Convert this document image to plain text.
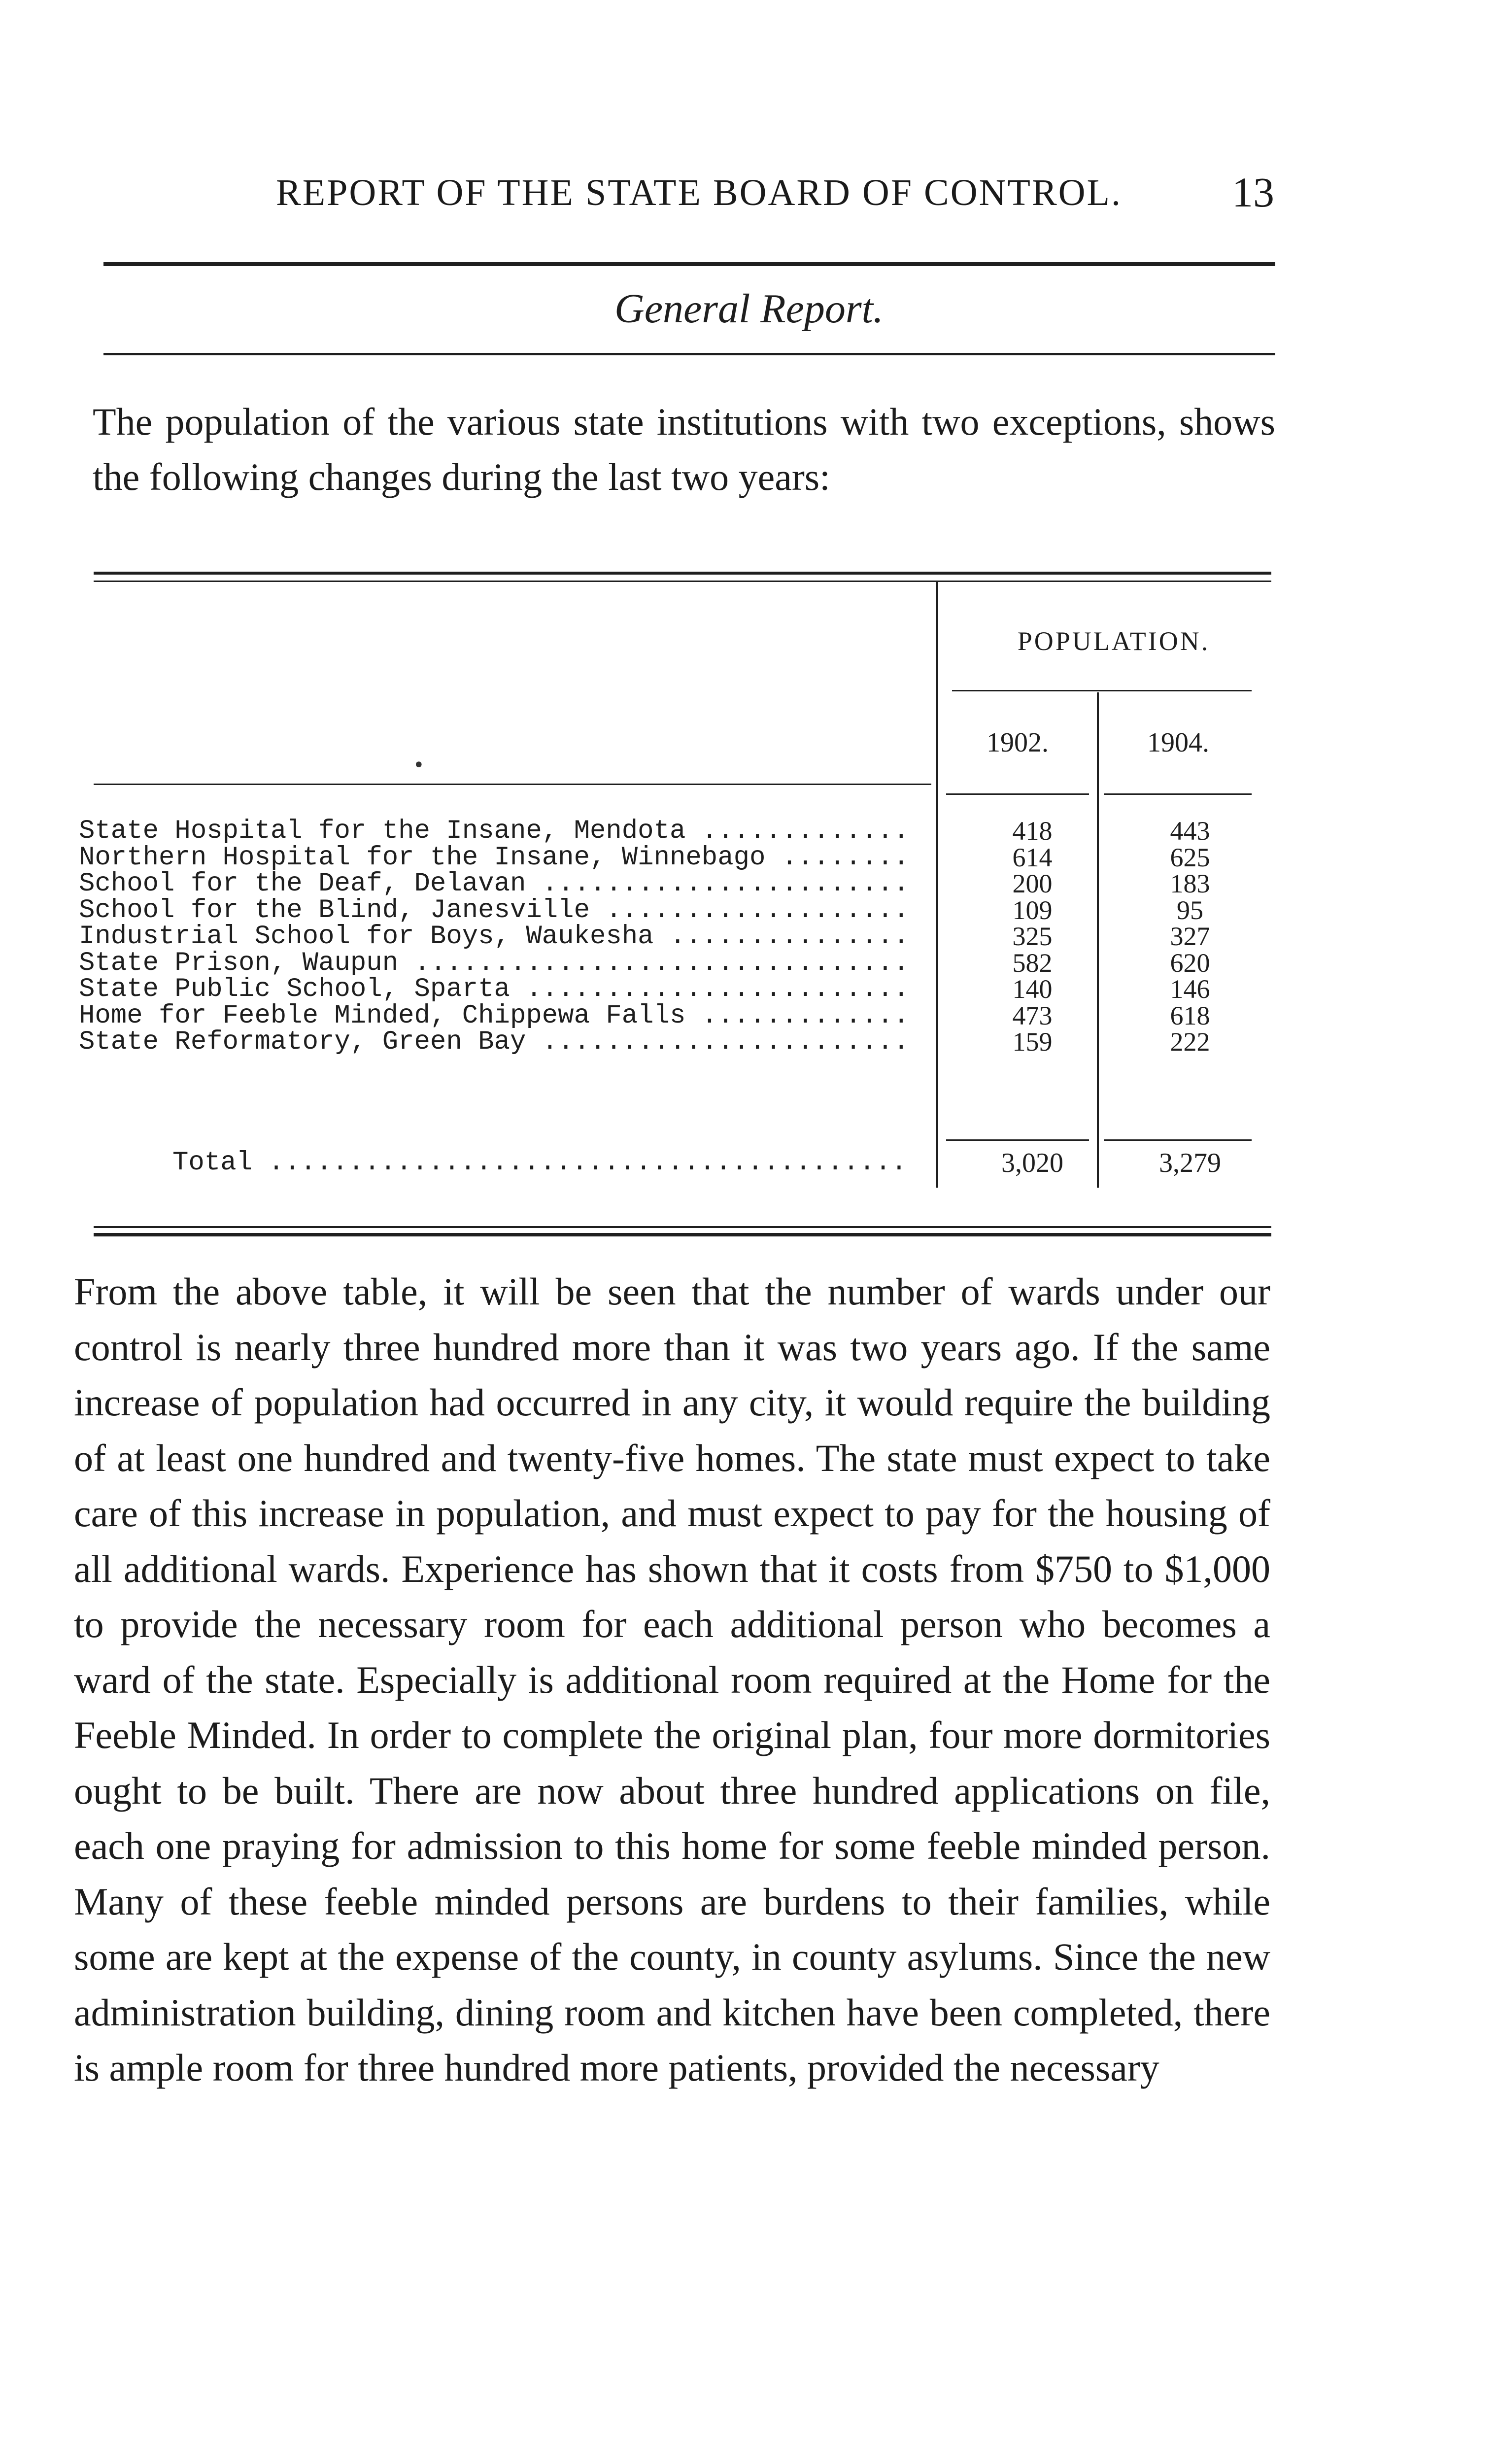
REPORT OF THE STATE BOARD OF CONTROL.	13
General Report.

The population of the various state institutions with two exceptions, shows the following changes during the last two years:

POPULATION.
1902.	1904.
•
State Hospital for the Insane, Mendota .....	418	443
Northern Hospital for the Insane, Winnebago .....	614	625
School for the Deaf, Delavan .....	200	183
School for the Blind, Janesville .....	109	95
Industrial School for Boys, Waukesha .....	325	327
State Prison, Waupun .....	582	620
State Public School, Sparta .....	140	146
Home for Feeble Minded, Chippewa Falls .....	473	618
State Reformatory, Green Bay .....	159	222
Total .....	3,020	3,279

From the above table, it will be seen that the number of wards under our control is nearly three hundred more than it was two years ago. If the same increase of population had occurred in any city, it would require the building of at least one hundred and twenty-five homes. The state must expect to take care of this increase in population, and must expect to pay for the housing of all additional wards. Experience has shown that it costs from $750 to $1,000 to provide the necessary room for each additional person who becomes a ward of the state. Especially is additional room required at the Home for the Feeble Minded. In order to complete the original plan, four more dormitories ought to be built. There are now about three hundred applications on file, each one praying for admission to this home for some feeble minded person. Many of these feeble minded persons are burdens to their families, while some are kept at the expense of the county, in county asylums. Since the new administration building, dining room and kitchen have been completed, there is ample room for three hundred more patients, provided the necessary
